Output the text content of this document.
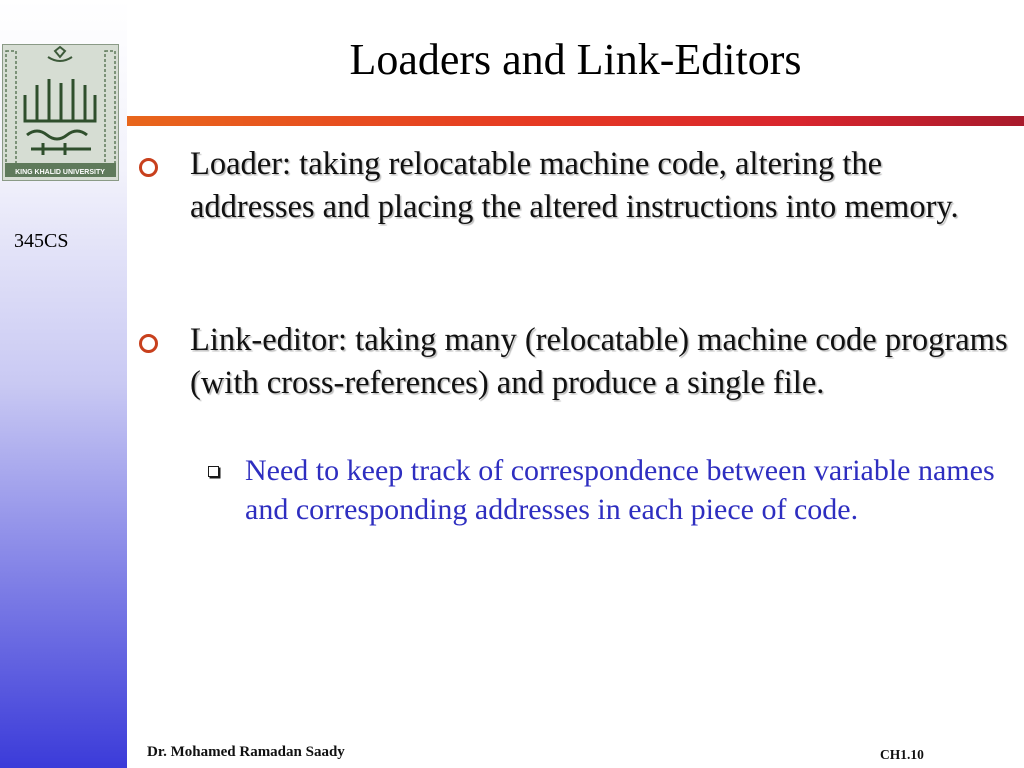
KING KHALID UNIVERSITY
345CS
Loaders and Link-Editors
Loader: taking relocatable machine code, altering the addresses and placing the altered instructions into memory.
Link-editor: taking many (relocatable) machine code programs (with cross-references) and produce a single file.
Need to keep track of correspondence between variable names and corresponding addresses in each piece of code.
Dr. Mohamed Ramadan Saady	CH1.10
